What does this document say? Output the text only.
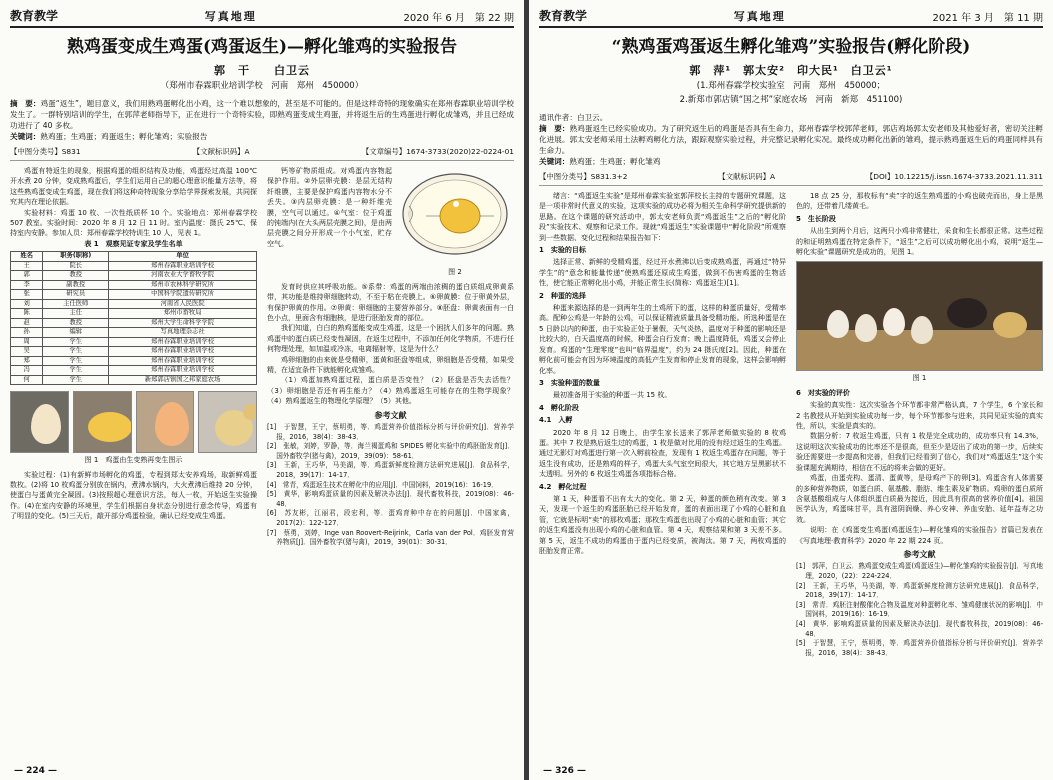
教育教学	写真地理	2020 年 6 月　第 22 期
熟鸡蛋变成生鸡蛋(鸡蛋返生)—孵化雏鸡的实验报告
郭　干　　白卫云
（郑州市春霖职业培训学校　河南　郑州　450000）
摘　要：鸡蛋“返生”，题目意义，我们用熟鸡蛋孵化出小鸡，这一个难以想象的，甚至是不可能的。但是这样奇特的现象确实在郑州春霖职业培训学校发生了。一群特别培训的学生，在郭萍老师指导下，正在进行一个奇特实验，即熟鸡蛋变成生鸡蛋，并将返生后的生鸡蛋进行孵化成雏鸡，并且已经成功进行了 40 多枚。
关键词：熟鸡蛋；生鸡蛋；鸡蛋返生；孵化雏鸡；实验报告
【中图分类号】S831	【文献标识码】A	【文章编号】1674-3733(2020)22-0224-01

鸡蛋有特返生的现象，根据鸡蛋的组织结构及功能，鸡蛋经过高温 100℃开水煮 20 分钟，变成熟鸡蛋后，学生们运用自己的超心理意识能量方法等，将这些熟鸡蛋变成生鸡蛋，现在我们将这种奇特现象分享给学界探索发展，共同探究其内在理论依据。

实验材料：鸡蛋 10 枚、一次性纸质杯 10 个。实验地点：郑州春霖学校 507 教室。实验时间：2020 年 8 月 12 日 11 时。室内温度：摄氏 25℃、保持室内安静。参加人员：郑州春霖学校特训生 10 人，见表 1。

表 1　观察见证专家及学生名单
姓名	职务(职称)	单位
王	院长	郑州春霖职业培训学校
郭	教授	河南农业大学畜牧学院
李	副教授	郑州市农林科学研究所
张	研究员	中国科学院遗传研究所
刘	主任医师	河南省人民医院
陈	主任	郑州市畜牧局
赵	教授	郑州大学生命科学学院
孙	编辑	写真地理杂志社
周	学生	郑州春霖职业培训学校
吴	学生	郑州春霖职业培训学校
郑	学生	郑州春霖职业培训学校
冯	学生	郑州春霖职业培训学校
何	学生	新郑郭店镇国之邦家庭农场
图 1　鸡蛋由生变熟再变生图示

实验过程：(1)有新鲜市场孵化的鸡蛋，专程到郑太安养鸡场，取新鲜鸡蛋数枚。(2)将 10 枚鸡蛋分别放在锅内，煮沸水锅内，大火煮沸后维持 20 分钟，使蛋白与蛋黄完全凝固。(3)按照超心理意识方法，每人一枚，开始返生实验操作。(4)在室内安静的环境里，学生们根据自身状态分别进行意念传导，鸡蛋有了明显的变化。(5)三天后，敲开部分鸡蛋检验，确认已经变成生鸡蛋。

钙等矿物质组成。对鸡蛋内容物起保护作用。②外层卵壳膜：是层无结构纤维膜，主要是保护鸡蛋内容物水分不丢失。③内层卵壳膜：是一种纤维壳膜，空气可以通过。④气室：位于鸡蛋的钝端内(在大头两层壳膜之间)，是由两层壳膜之间分开形成一个小气室，贮存空气。

图 2

发育时供应其呼吸功能。⑤系带：鸡蛋的两端由浓稠的蛋白质组成卵黄系带，其功能是维持卵细胞转动，不至于粘在壳膜上。⑥卵黄膜：位于卵黄外层，有保护卵黄的作用。⑦卵黄：卵细胞的主要营养部分。⑧胚盘：卵黄表面有一白色小点，里面含有细胞核，是进行胚胎发育的部位。

我们知道，白白的熟鸡蛋能变成生鸡蛋，这是一个困扰人们多年的问题。熟鸡蛋中的蛋白质已经变性凝固，在返生过程中，不添加任何化学物质，不进行任何物理处理，如加温或冷冻，电离辐射等，这是为什么？

鸡卵细胞的由来就是受精卵，蛋黄和胚盘等组成，卵细胞是否受精，如果受精，在适宜条件下就能孵化成雏鸡。

（1）鸡蛋加熟鸡蛋过程，蛋白质是否变性？（2）胚盘是否失去活性？（3）卵细胞是否还有再生能力？（4）熟鸡蛋返生可能存在的生物学现象？（4）熟鸡蛋返生的物理化学原理？（5）其他。

参考文献
[1]　于智慧，王宁，蔡明勇，等．鸡蛋营养价值指标分析与评价研究[J]．营养学报，2016，38(4)：38-43．
[2]　张敏，刘婷，罗静，等．海兰褐蛋鸡和 SPIDES 孵化实验中的鸡胚胎发育[J]．国外畜牧学(猪与禽)，2019，39(09)：58-61．
[3]　王新，王巧华，马美湖，等．鸡蛋新鲜度检测方法研究进展[J]．食品科学，2018，39(17)：14-17．
[4]　常青，鸡蛋返生技术在孵化中的应用[J]．中国饲料，2019(16)：16-19．
[5]　黄华，影响鸡蛋质量的因素及解决办法[J]．现代畜牧科技，2019(08)：46-48．
[6]　苏友彬，江丽君，段宏利，等．蛋鸡育种中存在的问题[J]．中国家禽，2017(2)：122-127．
[7]　蔡勇，刘婷，Inge van Roovert-Reijrink，Carla van der Pol．鸡胚发育营养物质[J]．国外畜牧学(猪与禽)，2019，39(01)：30-31．
— 224 —
教育教学	写真地理	2021 年 3 月　第 11 期
“熟鸡蛋鸡蛋返生孵化雏鸡”实验报告(孵化阶段)
郭　萍¹　郭太安²　印大民¹　白卫云¹
(1.郑州春霖学校实验室　河南　郑州　450000；
2.新郑市郭店镇“国之邦”家庭农场　河南　新郑　451100)
通讯作者：白卫云。
摘　要：熟鸡蛋返生已经实验成功。为了研究返生后的鸡蛋是否具有生命力，郑州春霖学校郭萍老师，郭店鸡场郭太安老师及其他爱好者，密切关注孵化进展。郭太安老师采用土法孵鸡孵化方法，跟踪观察实验过程，并完整记录孵化实况。最终成功孵化出新的雏鸡，提示熟鸡蛋返生后的鸡蛋同样具有生命力。
关键词：熟鸡蛋；生鸡蛋；孵化雏鸡
【中图分类号】S831.3+2	【文献标识码】A	【DOI】10.12215/j.issn.1674-3733.2021.11.311

绪言：“鸡蛋返生实验”是郑州春霖实验室郭萍校长主持的专题研究课题，这是一项非常时代意义的实验，这项实验的成功必将为相关生命科学研究提供新的思路。在这个课题的研究活动中，郭太安老师负责“鸡蛋返生”之后的“孵化阶段”实验技术、观察和记录工作。现就“鸡蛋返生”实验课题中“孵化阶段”所观察到一些数据、变化过程和结果报告如下：

1　实验的目标

选择正常、新鲜的受精鸡蛋，经过开水煮沸以后变成熟鸡蛋，再通过“特异学生”的“意念和能量传递”使熟鸡蛋还原成生鸡蛋，做到不伤害鸡蛋的生物活性，使它能正常孵化出小鸡，并能正常生长(简称：鸡蛋返生)[1]。

2　种蛋的选择

种蛋来源选择的是一到两年生的土鸡所下的蛋，这样的种蛋质量好，受精率高。配种公鸡是一年龄的公鸡，可以保证精液质量具备受精功能。所选种蛋是在 5 日龄以内的种蛋，由于实验正处于暑假，天气炎热，温度对于种蛋的影响还是比较大的，白天温度高的时候，种蛋会自行发育；晚上温度降低，鸡蛋又会停止发育。鸡蛋的“生理零度”也叫“临界温度”，约为 24 摄氏度[2]。因此，种蛋在孵化前可能会有因为环境温度的高低产生发育和停止发育的现象，这样会影响孵化率。

3　实验种蛋的数量

最初准备用于实验的种蛋一共 15 枚。

4　孵化阶段
4.1　入孵

2020 年 8 月 12 日晚上，由学生家长送来了郭萍老师做实验的 8 枚鸡蛋。其中 7 枚是熟后返生过的鸡蛋，1 枚是做对比用的没有经过返生的生鸡蛋。通过无影灯对鸡蛋进行第一次入孵前检查，发现有 1 枚返生鸡蛋存在问题，等于返生没有成功，还是熟鸡的样子，鸡蛋大头气室空间很大，其它地方呈黑影状不太透明。另外的 6 枚返生鸡蛋各项指标合格。

4.2　孵化过程

第 1 天，种蛋看不出有太大的变化。第 2 天，种蛋的颜色稍有改变。第 3 天，发现一个返生的鸡蛋胚胎已经开始发育，蛋的表面出现了小鸡的心脏和血管，它就是标明“卖”的那枚鸡蛋；那枚生鸡蛋也出现了小鸡的心脏和血管；其它的返生鸡蛋没有出现小鸡的心脏和血管。第 4 天，观察结果和第 3 天差不多。第 5 天，返生不成功的鸡蛋由于蛋内已经变质，被淘汰。第 7 天，两枚鸡蛋的胚胎发育正常。

18 点 25 分，那枚标有“卖”字的返生熟鸡蛋的小鸡也破壳而出，身上是黑色的，还带着几缕黄毛。

5　生长阶段

从出生到两个月后，这两只小鸡非常健壮，采食和生长都很正常。这些过程的和证明熟鸡蛋在特定条件下，“返生”之后可以成功孵化出小鸡，说明“返生—孵化实验”课题研究是成功的，见图 1。

图 1
6　对实验的评价

实验的真实性：这次实验各个环节都非常严格认真，7 个学生，6 个家长和 2 名教授从开始到实验成功每一步，每个环节都参与进来，共同见证实验的真实性，所以，实验是真实的。

数据分析：7 枚返生鸡蛋，只有 1 枚是完全成功的，成功率只有 14.3%，这说明这次实验成功的比率还不是很高，但至少是迈出了成功的第一步，后续实验还需要进一步提高和完善，但我们已经看到了信心，我们对“鸡蛋返生”这个实验课题充满期待，相信在不远的将来会做的更好。

鸡蛋，由蛋壳构、蛋清、蛋黄等，是母鸡产下的卵[3]。鸡蛋含有人体需要的多种营养物质，如蛋白质、氨基酸、脂肪、维生素及矿物质。鸡卵的蛋白质所含氨基酸组成与人体组织蛋白质最为接近，因此具有很高的营养价值[4]。祖国医学认为，鸡蛋味甘平，具有滋阴润燥、养心安神、养血安胎、延年益寿之功效。

说明：在《鸡蛋变生鸡蛋(鸡蛋返生)—孵化雏鸡的实验报告》首篇已发表在《写真地理·教育科学》2020 年 22 期 224 页。

参考文献
[1]　郭萍，白卫云．熟鸡蛋变成生鸡蛋(鸡蛋返生)—孵化雏鸡的实验报告[J]．写真地理，2020，(22)：224-224．
[2]　王新，王巧华，马美湖，等．鸡蛋新鲜度检测方法研究进展[J]．食品科学，2018，39(17)：14-17．
[3]　常青．鸡胚注射酸催化合物及温度对种蛋孵化率、雏鸡健康状况的影响[J]．中国饲料，2019(16)：16-19．
[4]　黄华．影响鸡蛋质量的因素及解决办法[J]．现代畜牧科技，2019(08)：46-48．
[5]　于智慧，王宁，蔡明勇，等．鸡蛋营养价值指标分析与评价研究[J]．营养学报，2016，38(4)：38-43．
— 326 —
